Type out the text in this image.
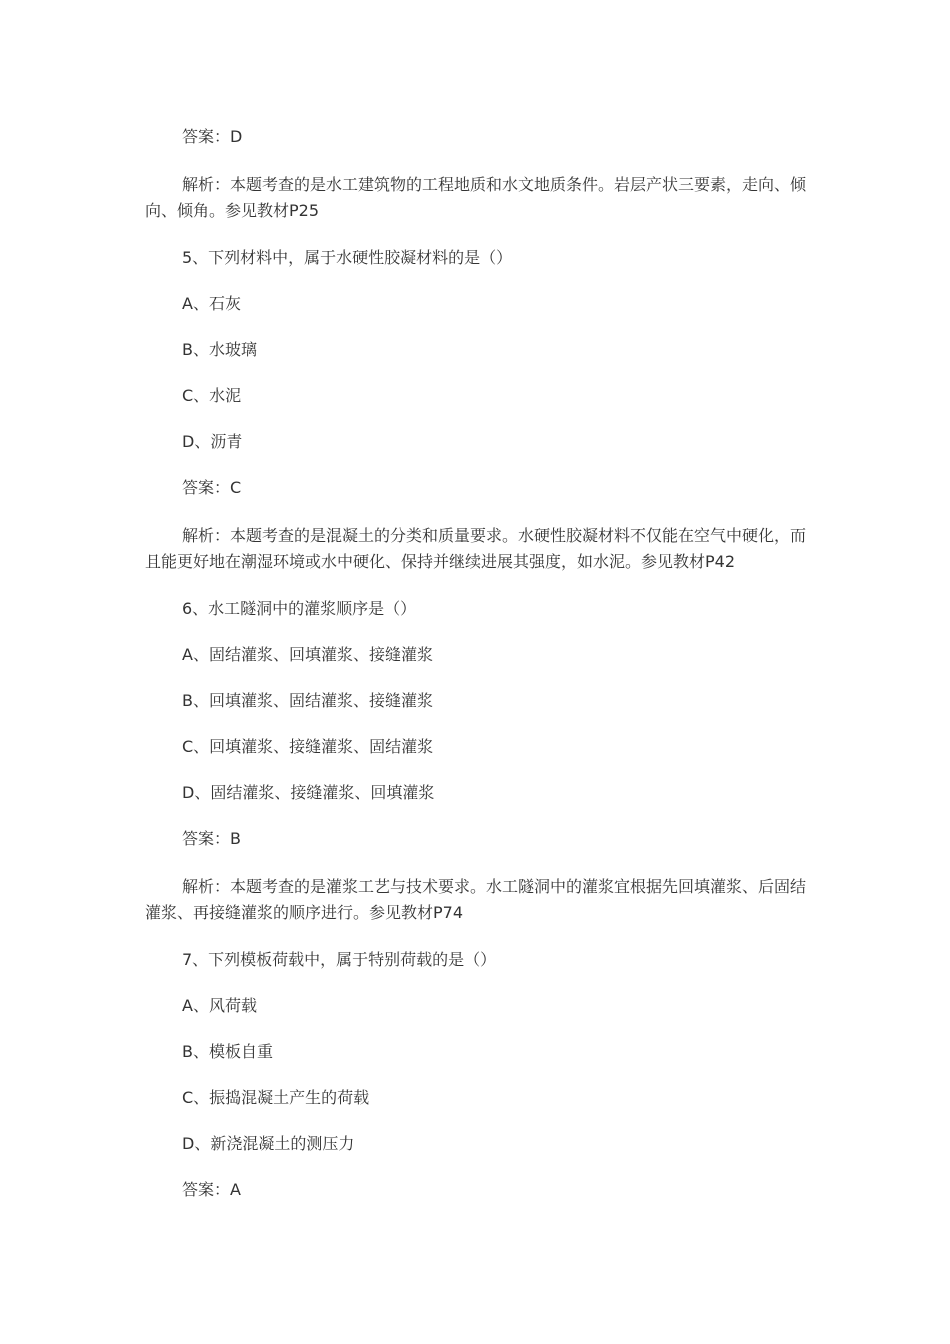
答案：D

解析：本题考查的是水工建筑物的工程地质和水文地质条件。岩层产状三要素，走向、倾向、倾角。参见教材P25

5、下列材料中，属于水硬性胶凝材料的是（）

A、石灰

B、水玻璃

C、水泥

D、沥青

答案：C

解析：本题考查的是混凝土的分类和质量要求。水硬性胶凝材料不仅能在空气中硬化，而且能更好地在潮湿环境或水中硬化、保持并继续进展其强度，如水泥。参见教材P42

6、水工隧洞中的灌浆顺序是（）

A、固结灌浆、回填灌浆、接缝灌浆

B、回填灌浆、固结灌浆、接缝灌浆

C、回填灌浆、接缝灌浆、固结灌浆

D、固结灌浆、接缝灌浆、回填灌浆

答案：B

解析：本题考查的是灌浆工艺与技术要求。水工隧洞中的灌浆宜根据先回填灌浆、后固结灌浆、再接缝灌浆的顺序进行。参见教材P74

7、下列模板荷载中，属于特别荷载的是（）

A、风荷载

B、模板自重

C、振捣混凝土产生的荷载

D、新浇混凝土的测压力

答案：A
